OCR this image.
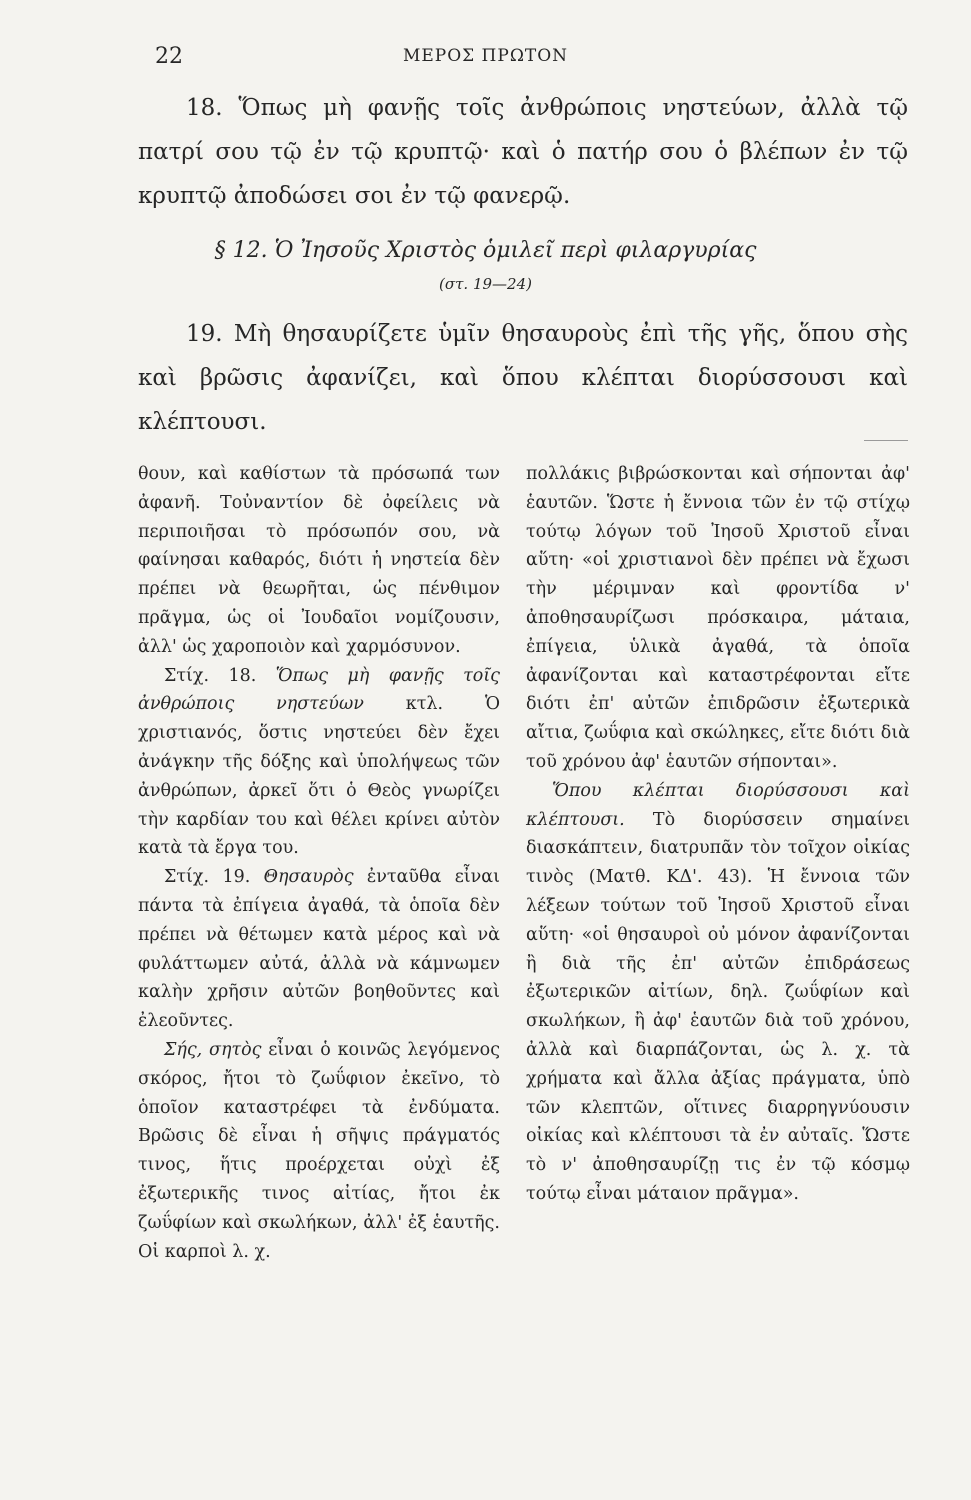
22	ΜΕΡΟΣ ΠΡΩΤΟΝ

18. Ὅπως μὴ φανῇς τοῖς ἀνθρώποις νηστεύων, ἀλλὰ τῷ πατρί σου τῷ ἐν τῷ κρυπτῷ· καὶ ὁ πατήρ σου ὁ βλέπων ἐν τῷ κρυπτῷ ἀποδώσει σοι ἐν τῷ φανερῷ.

§ 12. Ὁ Ἰησοῦς Χριστὸς ὁμιλεῖ περὶ φιλαργυρίας
(στ. 19—24)

19. Μὴ θησαυρίζετε ὑμῖν θησαυροὺς ἐπὶ τῆς γῆς, ὅπου σὴς καὶ βρῶσις ἀφανίζει, καὶ ὅπου κλέπται διορύσσουσι καὶ κλέπτουσι.

θουν, καὶ καθίστων τὰ πρόσωπά των ἀφανῆ. Τοὐναντίον δὲ ὀφείλεις νὰ περιποιῆσαι τὸ πρόσωπόν σου, νὰ φαίνησαι καθαρός, διότι ἡ νηστεία δὲν πρέπει νὰ θεωρῆται, ὡς πένθιμον πρᾶγμα, ὡς οἱ Ἰουδαῖοι νομίζουσιν, ἀλλ' ὡς χαροποιὸν καὶ χαρμόσυνον.

Στίχ. 18. Ὅπως μὴ φανῇς τοῖς ἀνθρώποις νηστεύων κτλ. Ὁ χριστιανός, ὅστις νηστεύει δὲν ἔχει ἀνάγκην τῆς δόξης καὶ ὑπολήψεως τῶν ἀνθρώπων, ἀρκεῖ ὅτι ὁ Θεὸς γνωρίζει τὴν καρδίαν του καὶ θέλει κρίνει αὐτὸν κατὰ τὰ ἔργα του.

Στίχ. 19. Θησαυρὸς ἐνταῦθα εἶναι πάντα τὰ ἐπίγεια ἀγαθά, τὰ ὁποῖα δὲν πρέπει νὰ θέτωμεν κατὰ μέρος καὶ νὰ φυλάττωμεν αὐτά, ἀλλὰ νὰ κάμνωμεν καλὴν χρῆσιν αὐτῶν βοηθοῦντες καὶ ἐλεοῦντες.

Σής, σητὸς εἶναι ὁ κοινῶς λεγόμενος σκόρος, ἤτοι τὸ ζωΰφιον ἐκεῖνο, τὸ ὁποῖον καταστρέφει τὰ ἐνδύματα. Βρῶσις δὲ εἶναι ἡ σῆψις πράγματός τινος, ἥτις προέρχεται οὐχὶ ἐξ ἐξωτερικῆς τινος αἰτίας, ἤτοι ἐκ ζωΰφίων καὶ σκωλήκων, ἀλλ' ἐξ ἑαυτῆς. Οἱ καρποὶ λ. χ.

πολλάκις βιβρώσκονται καὶ σήπονται ἀφ' ἑαυτῶν. Ὥστε ἡ ἔννοια τῶν ἐν τῷ στίχῳ τούτῳ λόγων τοῦ Ἰησοῦ Χριστοῦ εἶναι αὕτη· «οἱ χριστιανοὶ δὲν πρέπει νὰ ἔχωσι τὴν μέριμναν καὶ φροντίδα ν' ἀποθησαυρίζωσι πρόσκαιρα, μάταια, ἐπίγεια, ὑλικὰ ἀγαθά, τὰ ὁποῖα ἀφανίζονται καὶ καταστρέφονται εἴτε διότι ἐπ' αὐτῶν ἐπιδρῶσιν ἐξωτερικὰ αἴτια, ζωΰφια καὶ σκώληκες, εἴτε διότι διὰ τοῦ χρόνου ἀφ' ἑαυτῶν σήπονται».

Ὅπου κλέπται διορύσσουσι καὶ κλέπτουσι. Τὸ διορύσσειν σημαίνει διασκάπτειν, διατρυπᾶν τὸν τοῖχον οἰκίας τινὸς (Ματθ. ΚΔ'. 43). Ἡ ἔννοια τῶν λέξεων τούτων τοῦ Ἰησοῦ Χριστοῦ εἶναι αὕτη· «οἱ θησαυροὶ οὐ μόνον ἀφανίζονται ἢ διὰ τῆς ἐπ' αὐτῶν ἐπιδράσεως ἐξωτερικῶν αἰτίων, δηλ. ζωΰφίων καὶ σκωλήκων, ἢ ἀφ' ἑαυτῶν διὰ τοῦ χρόνου, ἀλλὰ καὶ διαρπάζονται, ὡς λ. χ. τὰ χρήματα καὶ ἄλλα ἀξίας πράγματα, ὑπὸ τῶν κλεπτῶν, οἵτινες διαρρηγνύουσιν οἰκίας καὶ κλέπτουσι τὰ ἐν αὐταῖς. Ὥστε τὸ ν' ἀποθησαυρίζῃ τις ἐν τῷ κόσμῳ τούτῳ εἶναι μάταιον πρᾶγμα».
